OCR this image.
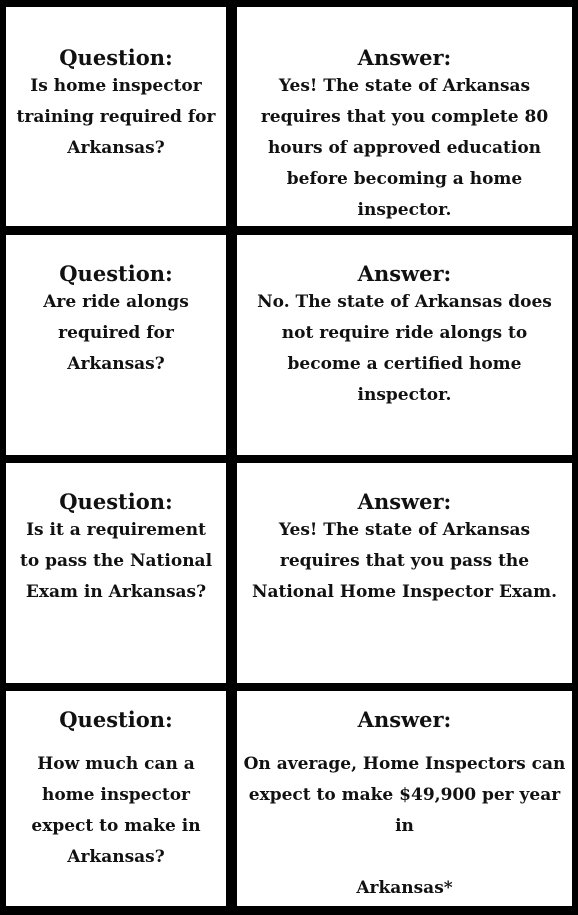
Question:
Is home inspector training required for Arkansas?
Answer:
Yes! The state of Arkansas requires that you complete 80 hours of approved education before becoming a home inspector.
Question:
Are ride alongs required for Arkansas?
Answer:
No. The state of Arkansas does not require ride alongs to become a certified home inspector.
Question:
Is it a requirement to pass the National Exam in Arkansas?
Answer:
Yes! The state of Arkansas requires that you pass the National Home Inspector Exam.
Question:
How much can a home inspector expect to make in Arkansas?
Answer:
On average, Home Inspectors can expect to make $49,900 per year in
Arkansas*
